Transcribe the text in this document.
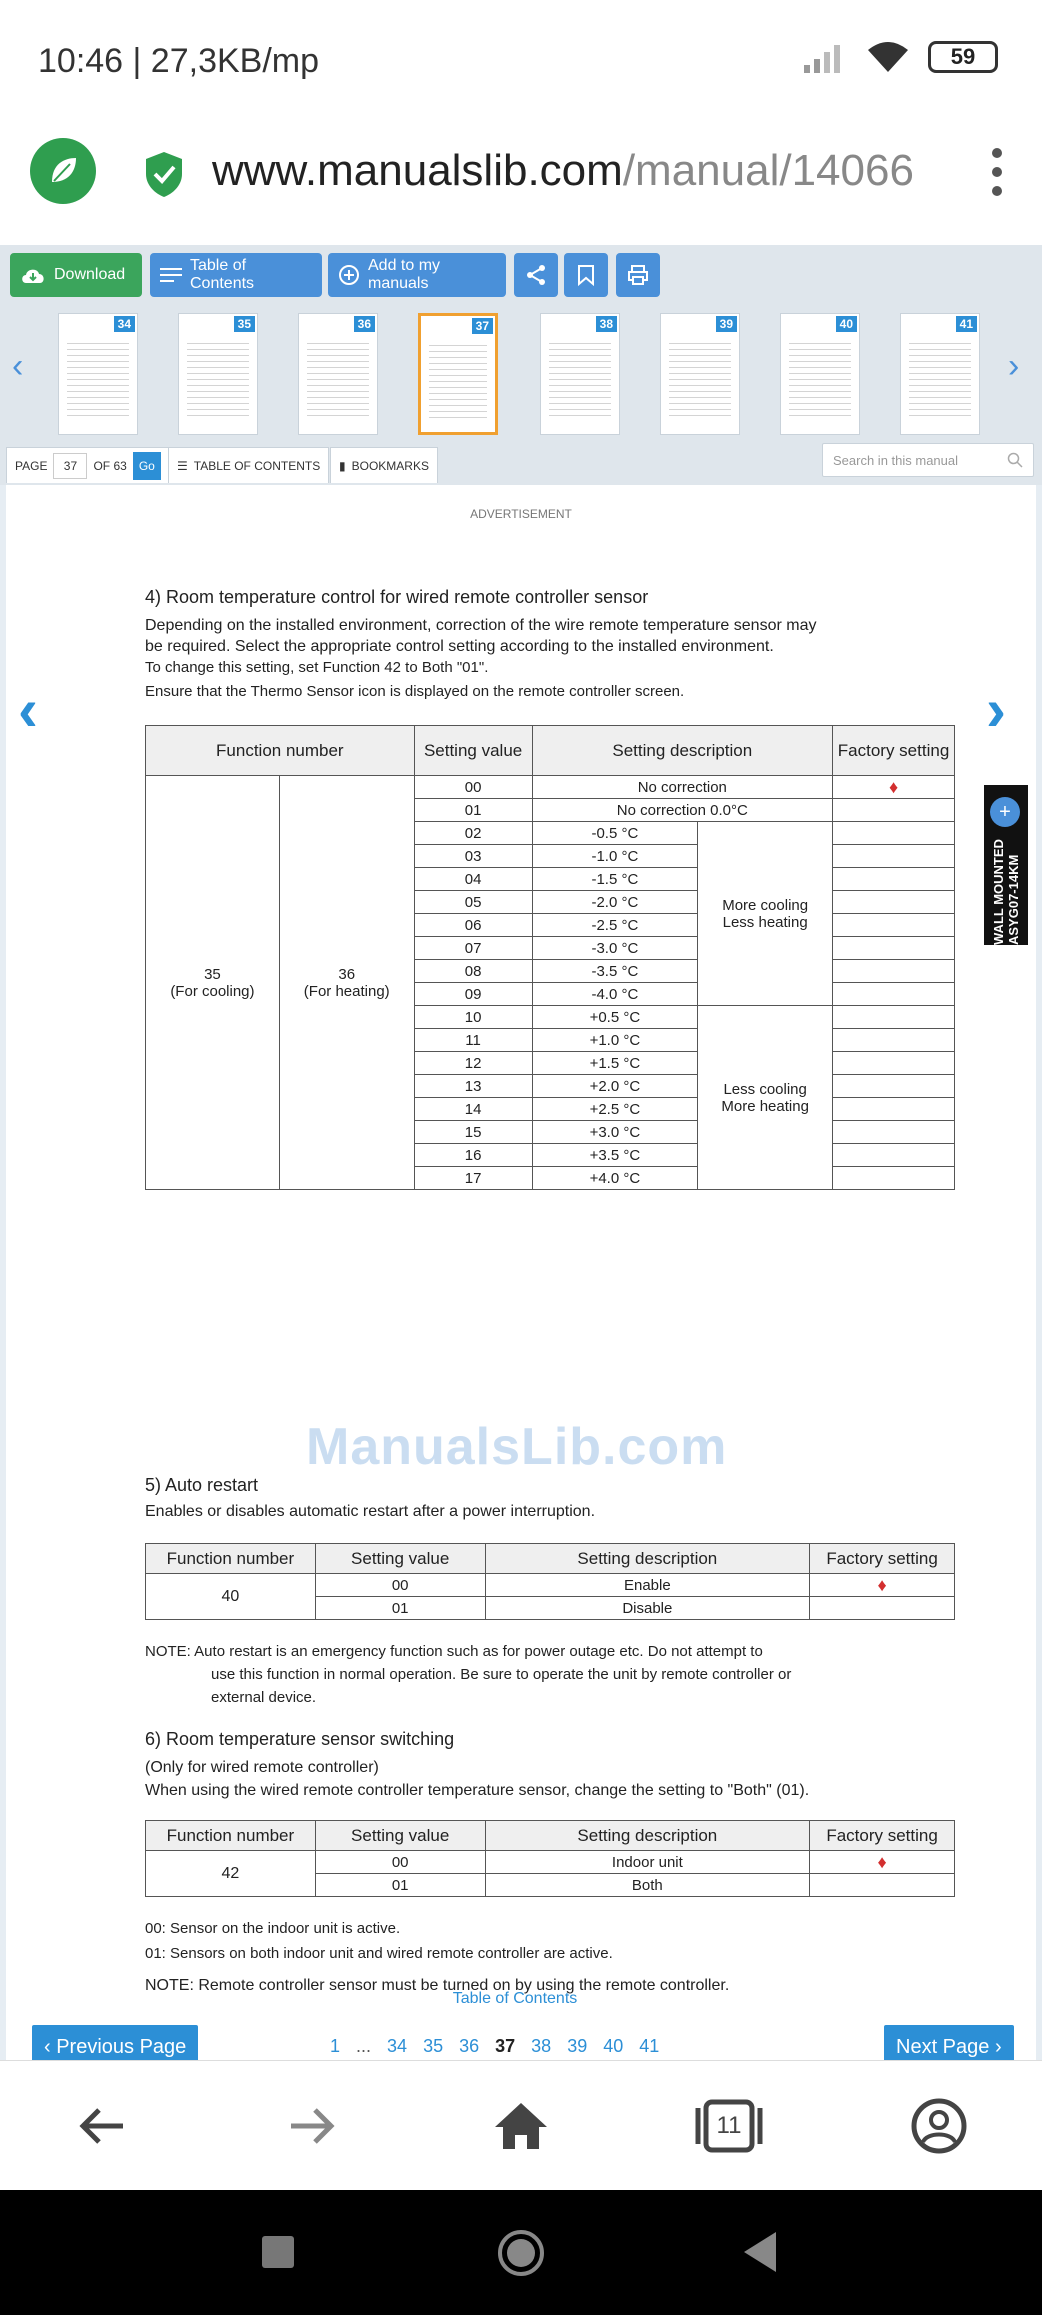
10:46 | 27,3KB/mp	59
www.manualslib.com/manual/14066
Download
Table of Contents
Add to my manuals
‹
34	35	36	37	38	39	40	41
›
PAGE	37	OF 63 Go	☰ TABLE OF CONTENTS ▮ BOOKMARKS	Search in this manual
ADVERTISEMENT
‹	›
WALL MOUNTED ASYG07-14KM
+
4) Room temperature control for wired remote controller sensor
Depending on the installed environment, correction of the wire remote temperature sensor may
be required. Select the appropriate control setting according to the installed environment.
To change this setting, set Function 42 to Both "01".
Ensure that the Thermo Sensor icon is displayed on the remote controller screen.
Function number		Setting value	Setting description		Factory setting
35
(For cooling)	36
(For heating)	00	No correction		♦
		01	No correction 0.0°C		
		02	-0.5 °C	More cooling
Less heating	
		03	-1.0 °C		
		04	-1.5 °C		
		05	-2.0 °C		
		06	-2.5 °C		
		07	-3.0 °C		
		08	-3.5 °C		
		09	-4.0 °C		
		10	+0.5 °C	Less cooling
More heating	
		11	+1.0 °C		
		12	+1.5 °C		
		13	+2.0 °C		
		14	+2.5 °C		
		15	+3.0 °C		
		16	+3.5 °C		
		17	+4.0 °C		
5) Auto restart
Enables or disables automatic restart after a power interruption.
Function number	Setting value	Setting description	Factory setting
40	00	Enable	♦
	01	Disable	
NOTE: Auto restart is an emergency function such as for power outage etc. Do not attempt to
use this function in normal operation. Be sure to operate the unit by remote controller or
external device.
6) Room temperature sensor switching
(Only for wired remote controller)
When using the wired remote controller temperature sensor, change the setting to "Both" (01).
Function number	Setting value	Setting description	Factory setting
42	00	Indoor unit	♦
	01	Both	
00: Sensor on the indoor unit is active.
01: Sensors on both indoor unit and wired remote controller are active.
NOTE: Remote controller sensor must be turned on by using the remote controller.
ManualsLib.com
Table of Contents
‹ Previous Page	1 ... 34 35 36 37 38 39 40 41	Next Page ›
11
